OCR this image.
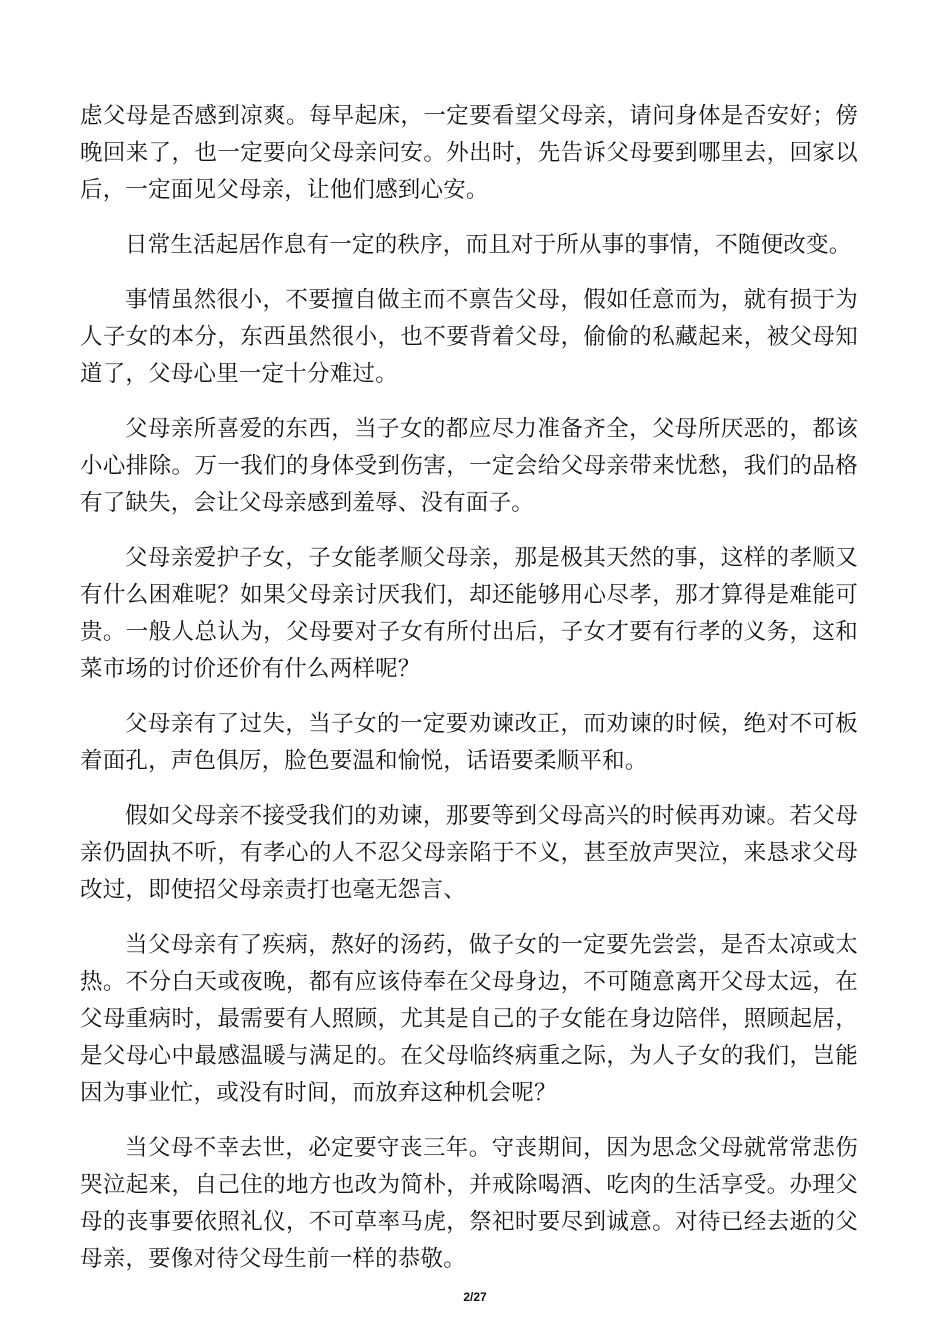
虑父母是否感到凉爽。每早起床，一定要看望父母亲，请问身体是否安好；傍晚回来了，也一定要向父母亲问安。外出时，先告诉父母要到哪里去，回家以后，一定面见父母亲，让他们感到心安。

日常生活起居作息有一定的秩序，而且对于所从事的事情，不随便改变。

事情虽然很小，不要擅自做主而不禀告父母，假如任意而为，就有损于为人子女的本分，东西虽然很小，也不要背着父母，偷偷的私藏起来，被父母知道了，父母心里一定十分难过。

父母亲所喜爱的东西，当子女的都应尽力准备齐全，父母所厌恶的，都该小心排除。万一我们的身体受到伤害，一定会给父母亲带来忧愁，我们的品格有了缺失，会让父母亲感到羞辱、没有面子。

父母亲爱护子女，子女能孝顺父母亲，那是极其天然的事，这样的孝顺又有什么困难呢？如果父母亲讨厌我们，却还能够用心尽孝，那才算得是难能可贵。一般人总认为，父母要对子女有所付出后，子女才要有行孝的义务，这和菜市场的讨价还价有什么两样呢？

父母亲有了过失，当子女的一定要劝谏改正，而劝谏的时候，绝对不可板着面孔，声色俱厉，脸色要温和愉悦，话语要柔顺平和。

假如父母亲不接受我们的劝谏，那要等到父母高兴的时候再劝谏。若父母亲仍固执不听，有孝心的人不忍父母亲陷于不义，甚至放声哭泣，来恳求父母改过，即使招父母亲责打也毫无怨言、

当父母亲有了疾病，熬好的汤药，做子女的一定要先尝尝，是否太凉或太热。不分白天或夜晚，都有应该侍奉在父母身边，不可随意离开父母太远，在父母重病时，最需要有人照顾，尤其是自己的子女能在身边陪伴，照顾起居，是父母心中最感温暖与满足的。在父母临终病重之际，为人子女的我们，岂能因为事业忙，或没有时间，而放弃这种机会呢？

当父母不幸去世，必定要守丧三年。守丧期间，因为思念父母就常常悲伤哭泣起来，自己住的地方也改为简朴，并戒除喝酒、吃肉的生活享受。办理父母的丧事要依照礼仪，不可草率马虎，祭祀时要尽到诚意。对待已经去逝的父母亲，要像对待父母生前一样的恭敬。

2/27
